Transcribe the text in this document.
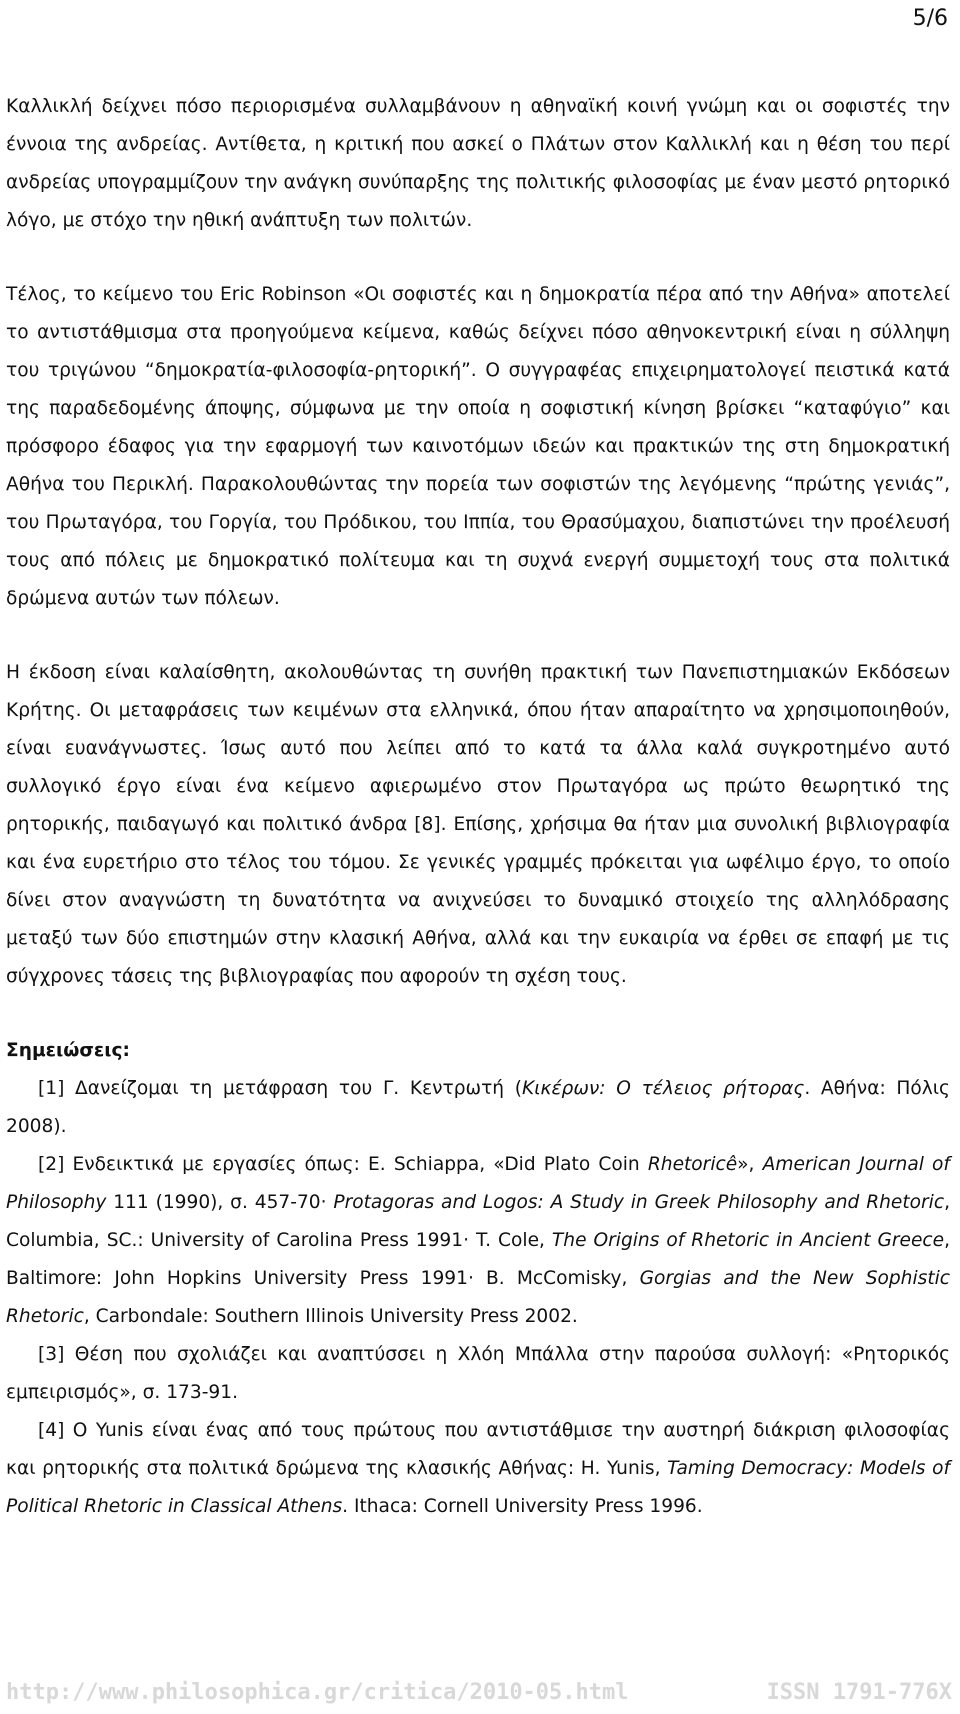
5/6

Καλλικλή δείχνει πόσο περιορισμένα συλλαμβάνουν η αθηναϊκή κοινή γνώμη και οι σοφιστές την έννοια της ανδρείας. Αντίθετα, η κριτική που ασκεί ο Πλάτων στον Καλλικλή και η θέση του περί ανδρείας υπογραμμίζουν την ανάγκη συνύπαρξης της πολιτικής φιλοσοφίας με έναν μεστό ρητορικό λόγο, με στόχο την ηθική ανάπτυξη των πολιτών.

Τέλος, το κείμενο του Eric Robinson «Οι σοφιστές και η δημοκρατία πέρα από την Αθήνα» αποτελεί το αντιστάθμισμα στα προηγούμενα κείμενα, καθώς δείχνει πόσο αθηνοκεντρική είναι η σύλληψη του τριγώνου “δημοκρατία-φιλοσοφία-ρητορική”. Ο συγγραφέας επιχειρηματολογεί πειστικά κατά της παραδεδομένης άποψης, σύμφωνα με την οποία η σοφιστική κίνηση βρίσκει “καταφύγιο” και πρόσφορο έδαφος για την εφαρμογή των καινοτόμων ιδεών και πρακτικών της στη δημοκρατική Αθήνα του Περικλή. Παρακολουθώντας την πορεία των σοφιστών της λεγόμενης “πρώτης γενιάς”, του Πρωταγόρα, του Γοργία, του Πρόδικου, του Ιππία, του Θρασύμαχου, διαπιστώνει την προέλευσή τους από πόλεις με δημοκρατικό πολίτευμα και τη συχνά ενεργή συμμετοχή τους στα πολιτικά δρώμενα αυτών των πόλεων.

Η έκδοση είναι καλαίσθητη, ακολουθώντας τη συνήθη πρακτική των Πανεπιστημιακών Εκδόσεων Κρήτης. Οι μεταφράσεις των κειμένων στα ελληνικά, όπου ήταν απαραίτητο να χρησιμοποιηθούν, είναι ευανάγνωστες. Ίσως αυτό που λείπει από το κατά τα άλλα καλά συγκροτημένο αυτό συλλογικό έργο είναι ένα κείμενο αφιερωμένο στον Πρωταγόρα ως πρώτο θεωρητικό της ρητορικής, παιδαγωγό και πολιτικό άνδρα [8]. Επίσης, χρήσιμα θα ήταν μια συνολική βιβλιογραφία και ένα ευρετήριο στο τέλος του τόμου. Σε γενικές γραμμές πρόκειται για ωφέλιμο έργο, το οποίο δίνει στον αναγνώστη τη δυνατότητα να ανιχνεύσει το δυναμικό στοιχείο της αλληλόδρασης μεταξύ των δύο επιστημών στην κλασική Αθήνα, αλλά και την ευκαιρία να έρθει σε επαφή με τις σύγχρονες τάσεις της βιβλιογραφίας που αφορούν τη σχέση τους.

Σημειώσεις:

[1] Δανείζομαι τη μετάφραση του Γ. Κεντρωτή (Κικέρων: Ο τέλειος ρήτορας. Αθήνα: Πόλις 2008).

[2] Ενδεικτικά με εργασίες όπως: E. Schiappa, «Did Plato Coin Rhetoricê», American Journal of Philosophy 111 (1990), σ. 457-70· Protagoras and Logos: A Study in Greek Philosophy and Rhetoric, Columbia, SC.: University of Carolina Press 1991· T. Cole, The Origins of Rhetoric in Ancient Greece, Baltimore: John Hopkins University Press 1991· B. McComisky, Gorgias and the New Sophistic Rhetoric, Carbondale: Southern Illinois University Press 2002.

[3] Θέση που σχολιάζει και αναπτύσσει η Χλόη Μπάλλα στην παρούσα συλλογή: «Ρητορικός εμπειρισμός», σ. 173-91.

[4] Ο Yunis είναι ένας από τους πρώτους που αντιστάθμισε την αυστηρή διάκριση φιλοσοφίας και ρητορικής στα πολιτικά δρώμενα της κλασικής Αθήνας: H. Yunis, Taming Democracy: Models of Political Rhetoric in Classical Athens. Ithaca: Cornell University Press 1996.

http://www.philosophica.gr/critica/2010-05.html	ISSN 1791-776X
